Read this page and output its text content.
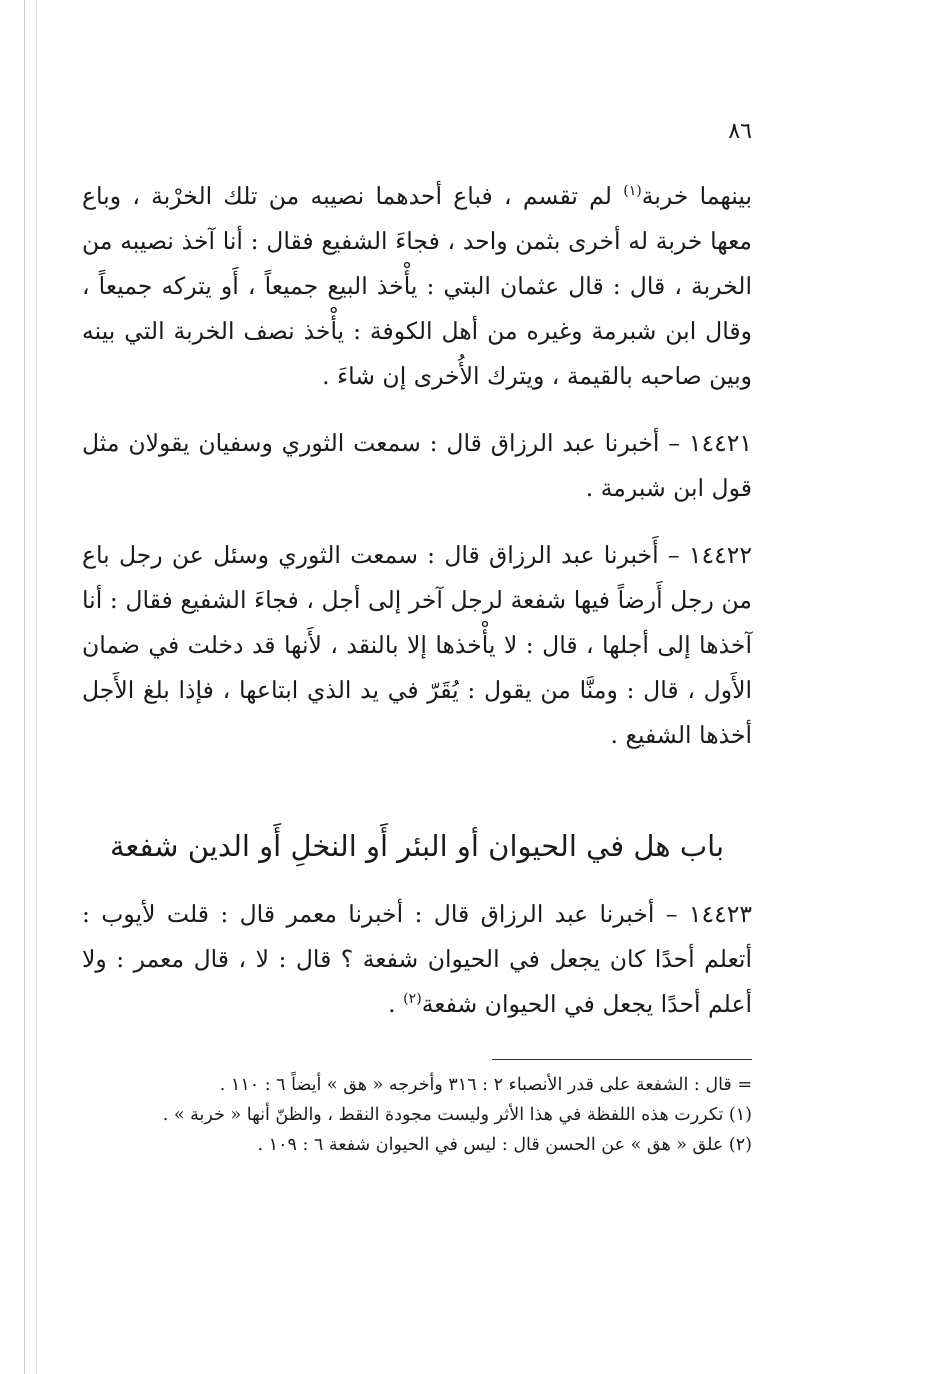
٨٦

بينهما خربة$^{(١)}$ لم تقسم ، فباع أحدهما نصيبه من تلك الخرْبة ، وباع معها خربة له أخرى بثمن واحد ، فجاءَ الشفيع فقال : أنا آخذ نصيبه من الخربة ، قال : قال عثمان البتي : يأْخذ البيع جميعاً ، أَو يتركه جميعاً ، وقال ابن شبرمة وغيره من أهل الكوفة : يأْخذ نصف الخربة التي بينه وبين صاحبه بالقيمة ، ويترك الأُخرى إن شاءَ .

١٤٤٢١ – أخبرنا عبد الرزاق قال : سمعت الثوري وسفيان يقولان مثل قول ابن شبرمة .

١٤٤٢٢ – أَخبرنا عبد الرزاق قال : سمعت الثوري وسئل عن رجل باع من رجل أَرضاً فيها شفعة لرجل آخر إلى أجل ، فجاءَ الشفيع فقال : أنا آخذها إلى أجلها ، قال : لا يأْخذها إلا بالنقد ، لأَنها قد دخلت في ضمان الأَول ، قال : ومنَّا من يقول : يُقَرّ في يد الذي ابتاعها ، فإذا بلغ الأَجل أخذها الشفيع .

باب هل في الحيوان أو البئر أَو النخلِ أَو الدين شفعة

١٤٤٢٣ – أخبرنا عبد الرزاق قال : أخبرنا معمر قال : قلت لأيوب : أتعلم أحدًا كان يجعل في الحيوان شفعة ؟ قال : لا ، قال معمر : ولا أعلم أحدًا يجعل في الحيوان شفعة$^{(٢)}$ .

= قال : الشفعة على قدر الأنصباء ٢ : ٣١٦ وأخرجه « هق » أيضاً ٦ : ١١٠ .

(١) تكررت هذه اللفظة في هذا الأثر وليست مجودة النقط ، والظنّ أنها « خربة » .

(٢) علق « هق » عن الحسن قال : ليس في الحيوان شفعة ٦ : ١٠٩ .
